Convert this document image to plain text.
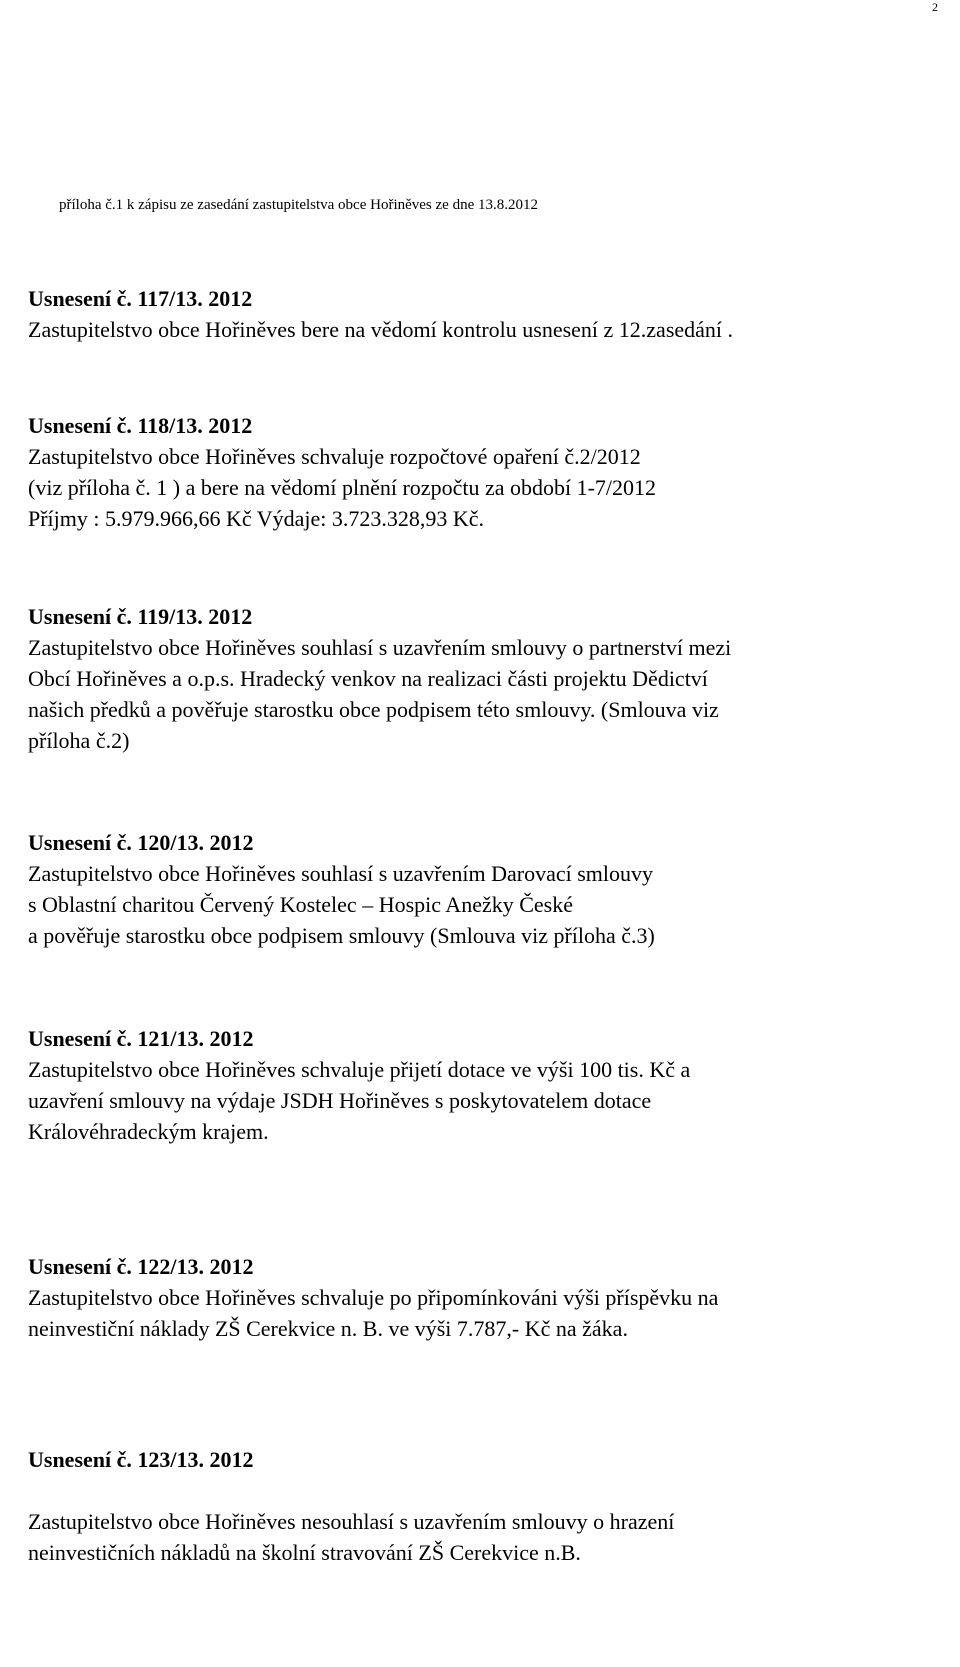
2
příloha č.1 k zápisu ze zasedání zastupitelstva obce Hořiněves ze dne 13.8.2012
Usnesení č. 117/13. 2012
Zastupitelstvo obce Hořiněves bere na vědomí kontrolu usnesení z 12.zasedání .
Usnesení č. 118/13. 2012
Zastupitelstvo obce Hořiněves schvaluje rozpočtové opaření č.2/2012
(viz příloha č. 1 ) a bere na vědomí plnění rozpočtu za období 1-7/2012
Příjmy : 5.979.966,66 Kč Výdaje: 3.723.328,93 Kč.
Usnesení č. 119/13. 2012
Zastupitelstvo obce Hořiněves souhlasí s uzavřením smlouvy o partnerství mezi
Obcí Hořiněves a o.p.s. Hradecký venkov na realizaci části projektu Dědictví
našich předků a pověřuje starostku obce podpisem této smlouvy. (Smlouva viz
příloha č.2)
Usnesení č. 120/13. 2012
Zastupitelstvo obce Hořiněves souhlasí s uzavřením Darovací smlouvy
s Oblastní charitou Červený Kostelec – Hospic Anežky České
a pověřuje starostku obce podpisem smlouvy (Smlouva viz příloha č.3)
Usnesení č. 121/13. 2012
Zastupitelstvo obce Hořiněves schvaluje přijetí dotace ve výši 100 tis. Kč a
uzavření smlouvy na výdaje JSDH Hořiněves s poskytovatelem dotace
Královéhradeckým krajem.
Usnesení č. 122/13. 2012
Zastupitelstvo obce Hořiněves schvaluje po připomínkováni výši příspěvku na
neinvestiční náklady ZŠ Cerekvice n. B. ve výši 7.787,- Kč na žáka.
Usnesení č. 123/13. 2012
Zastupitelstvo obce Hořiněves nesouhlasí s uzavřením smlouvy o hrazení
neinvestičních nákladů na školní stravování ZŠ Cerekvice n.B.
